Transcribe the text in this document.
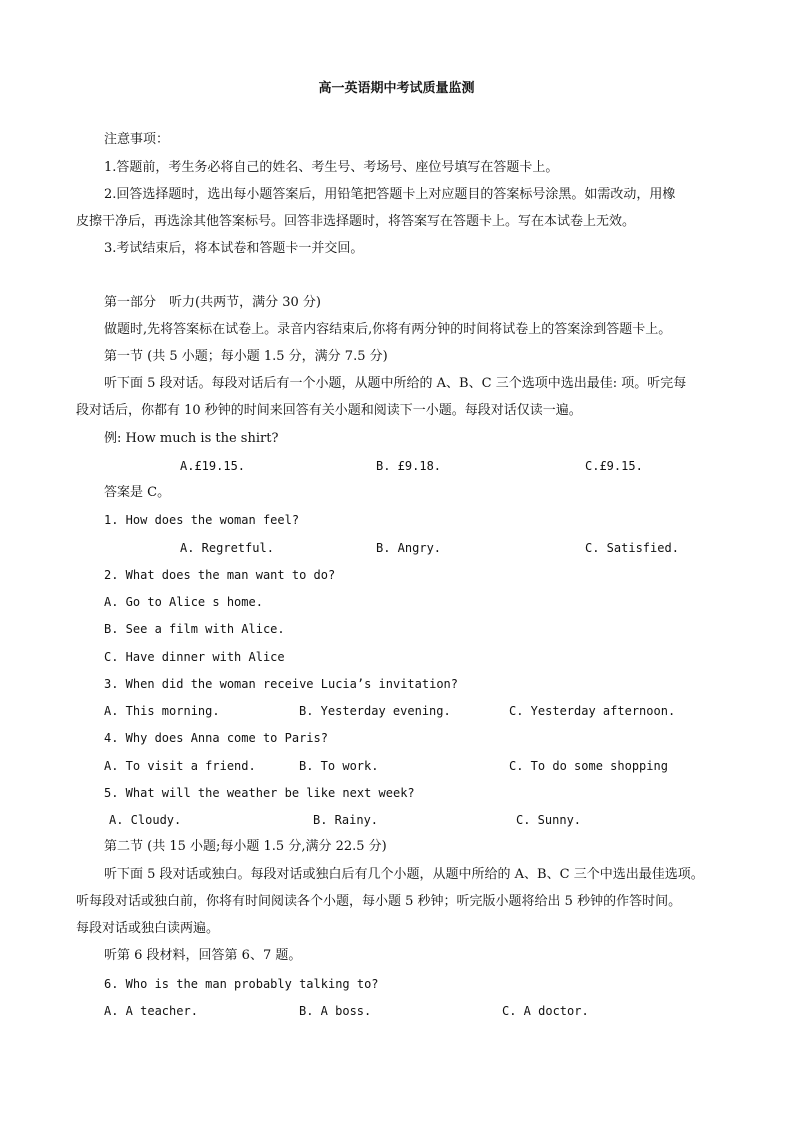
高一英语期中考试质量监测
注意事项：
1.答题前，考生务必将自己的姓名、考生号、考场号、座位号填写在答题卡上。
2.回答选择题时，选出每小题答案后，用铅笔把答题卡上对应题目的答案标号涂黑。如需改动，用橡
皮擦干净后，再选涂其他答案标号。回答非选择题时，将答案写在答题卡上。写在本试卷上无效。
3.考试结束后，将本试卷和答题卡一并交回。
第一部分　听力(共两节，满分 30 分)
做题时,先将答案标在试卷上。录音内容结束后,你将有两分钟的时间将试卷上的答案涂到答题卡上。
第一节 (共 5 小题；每小题 1.5 分，满分 7.5 分)
听下面 5 段对话。每段对话后有一个小题，从题中所给的 A、B、C 三个选项中选出最佳: 项。听完每
段对话后，你都有 10 秒钟的时间来回答有关小题和阅读下一小题。每段对话仅读一遍。
例: How much is the shirt?
A.£19.15.	B. £9.18.	C.£9.15.
答案是 C。
1. How does the woman feel?
A. Regretful.	B. Angry.	C. Satisfied.
2. What does the man want to do?
A. Go to Alice s home.
B. See a film with Alice.
C. Have dinner with Alice
3. When did the woman receive Lucia’s invitation?
A. This morning.	B. Yesterday evening.	C. Yesterday afternoon.
4. Why does Anna come to Paris?
A. To visit a friend.	B. To work.	C. To do some shopping
5. What will the weather be like next week?
A. Cloudy.	B. Rainy.	C. Sunny.
第二节 (共 15 小题;每小题 1.5 分,满分 22.5 分)
听下面 5 段对话或独白。每段对话或独白后有几个小题，从题中所给的 A、B、C 三个中选出最佳选项。
听每段对话或独白前，你将有时间阅读各个小题，每小题 5 秒钟；听完版小题将给出 5 秒钟的作答时间。
每段对话或独白读两遍。
听第 6 段材料，回答第 6、7 题。
6. Who is the man probably talking to?
A. A teacher.	B. A boss.	C. A doctor.
